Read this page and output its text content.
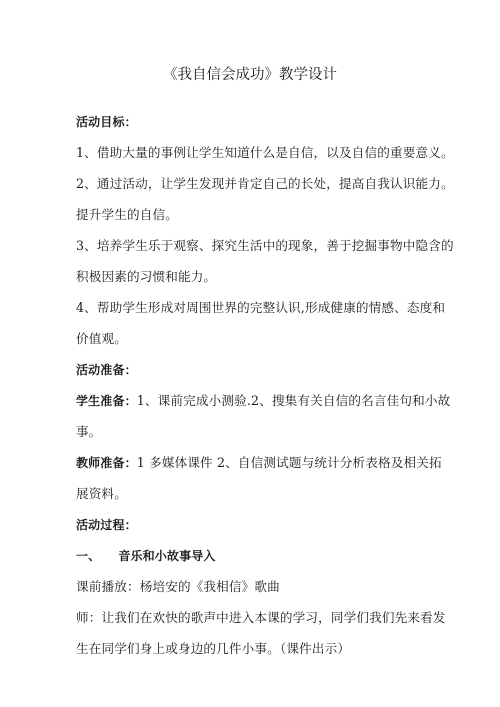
《我自信会成功》教学设计
活动目标：
1、借助大量的事例让学生知道什么是自信，以及自信的重要意义。
2、通过活动，让学生发现并肯定自己的长处，提高自我认识能力。
提升学生的自信。
3、培养学生乐于观察、探究生活中的现象，善于挖掘事物中隐含的
积极因素的习惯和能力。
4、帮助学生形成对周围世界的完整认识,形成健康的情感、态度和
价值观。
活动准备：
学生准备：1、课前完成小测验.2、搜集有关自信的名言佳句和小故
事。
教师准备：1 多媒体课件 2、自信测试题与统计分析表格及相关拓
展资料。
活动过程：
一、 音乐和小故事导入
课前播放：杨培安的《我相信》歌曲
师：让我们在欢快的歌声中进入本课的学习，同学们我们先来看发
生在同学们身上或身边的几件小事。（课件出示）
